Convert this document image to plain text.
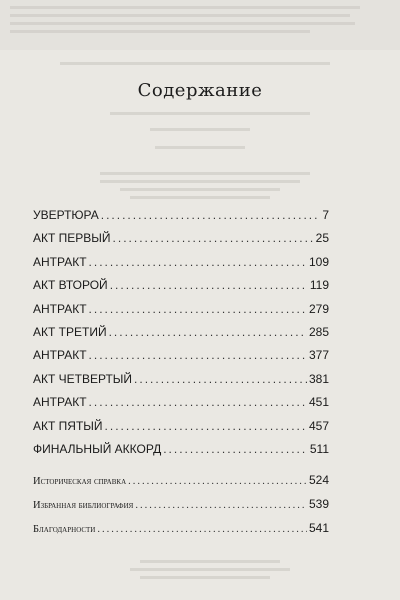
Содержание
УВЕРТЮРА .....	7
АКТ ПЕРВЫЙ .....	25
АНТРАКТ .....	109
АКТ ВТОРОЙ .....	119
АНТРАКТ .....	279
АКТ ТРЕТИЙ .....	285
АНТРАКТ .....	377
АКТ ЧЕТВЕРТЫЙ .....	381
АНТРАКТ .....	451
АКТ ПЯТЫЙ .....	457
ФИНАЛЬНЫЙ АККОРД .....	511
Историческая справка .....	524
Избранная библиография .....	539
Благодарности .....	541
